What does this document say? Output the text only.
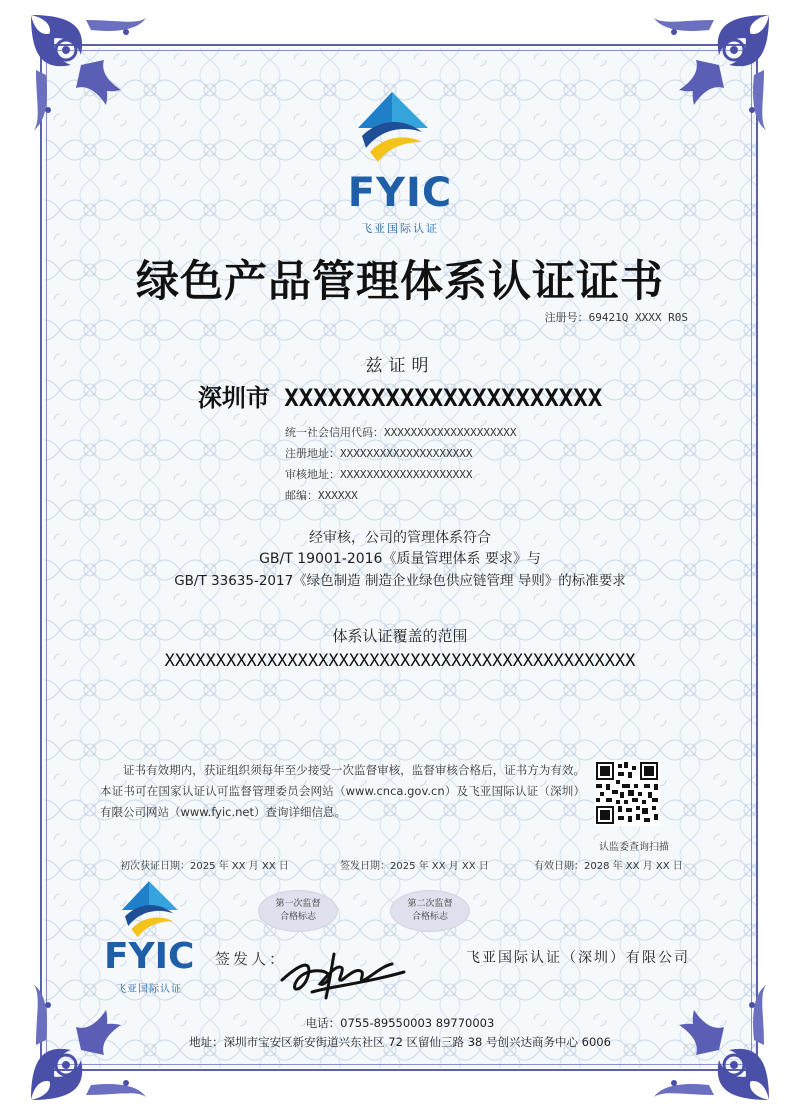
FYIC
飞亚国际认证
绿色产品管理体系认证证书
注册号：69421Q XXXX R0S
兹证明
深圳市 XXXXXXXXXXXXXXXXXXXXXX
统一社会信用代码：XXXXXXXXXXXXXXXXXXXX
注册地址：XXXXXXXXXXXXXXXXXXXX
审核地址：XXXXXXXXXXXXXXXXXXXX
邮编：XXXXXX
经审核，公司的管理体系符合
GB/T 19001-2016《质量管理体系 要求》与
GB/T 33635-2017《绿色制造 制造企业绿色供应链管理 导则》的标准要求
体系认证覆盖的范围
XXXXXXXXXXXXXXXXXXXXXXXXXXXXXXXXXXXXXXXXXXXXXX
证书有效期内，获证组织须每年至少接受一次监督审核，监督审核合格后，证书方为有效。本证书可在国家认证认可监督管理委员会网站（www.cnca.gov.cn）及飞亚国际认证（深圳）有限公司网站（www.fyic.net）查询详细信息。
认监委查询扫描
初次获证日期：2025 年 XX 月 XX 日	签发日期：2025 年 XX 月 XX 日	有效日期：2028 年 XX 月 XX 日
第一次监督
合格标志
第二次监督
合格标志
FYIC
飞亚国际认证
签发人：	飞亚国际认证（深圳）有限公司
电话：0755-89550003 89770003
地址：深圳市宝安区新安街道兴东社区 72 区留仙三路 38 号创兴达商务中心 6006
